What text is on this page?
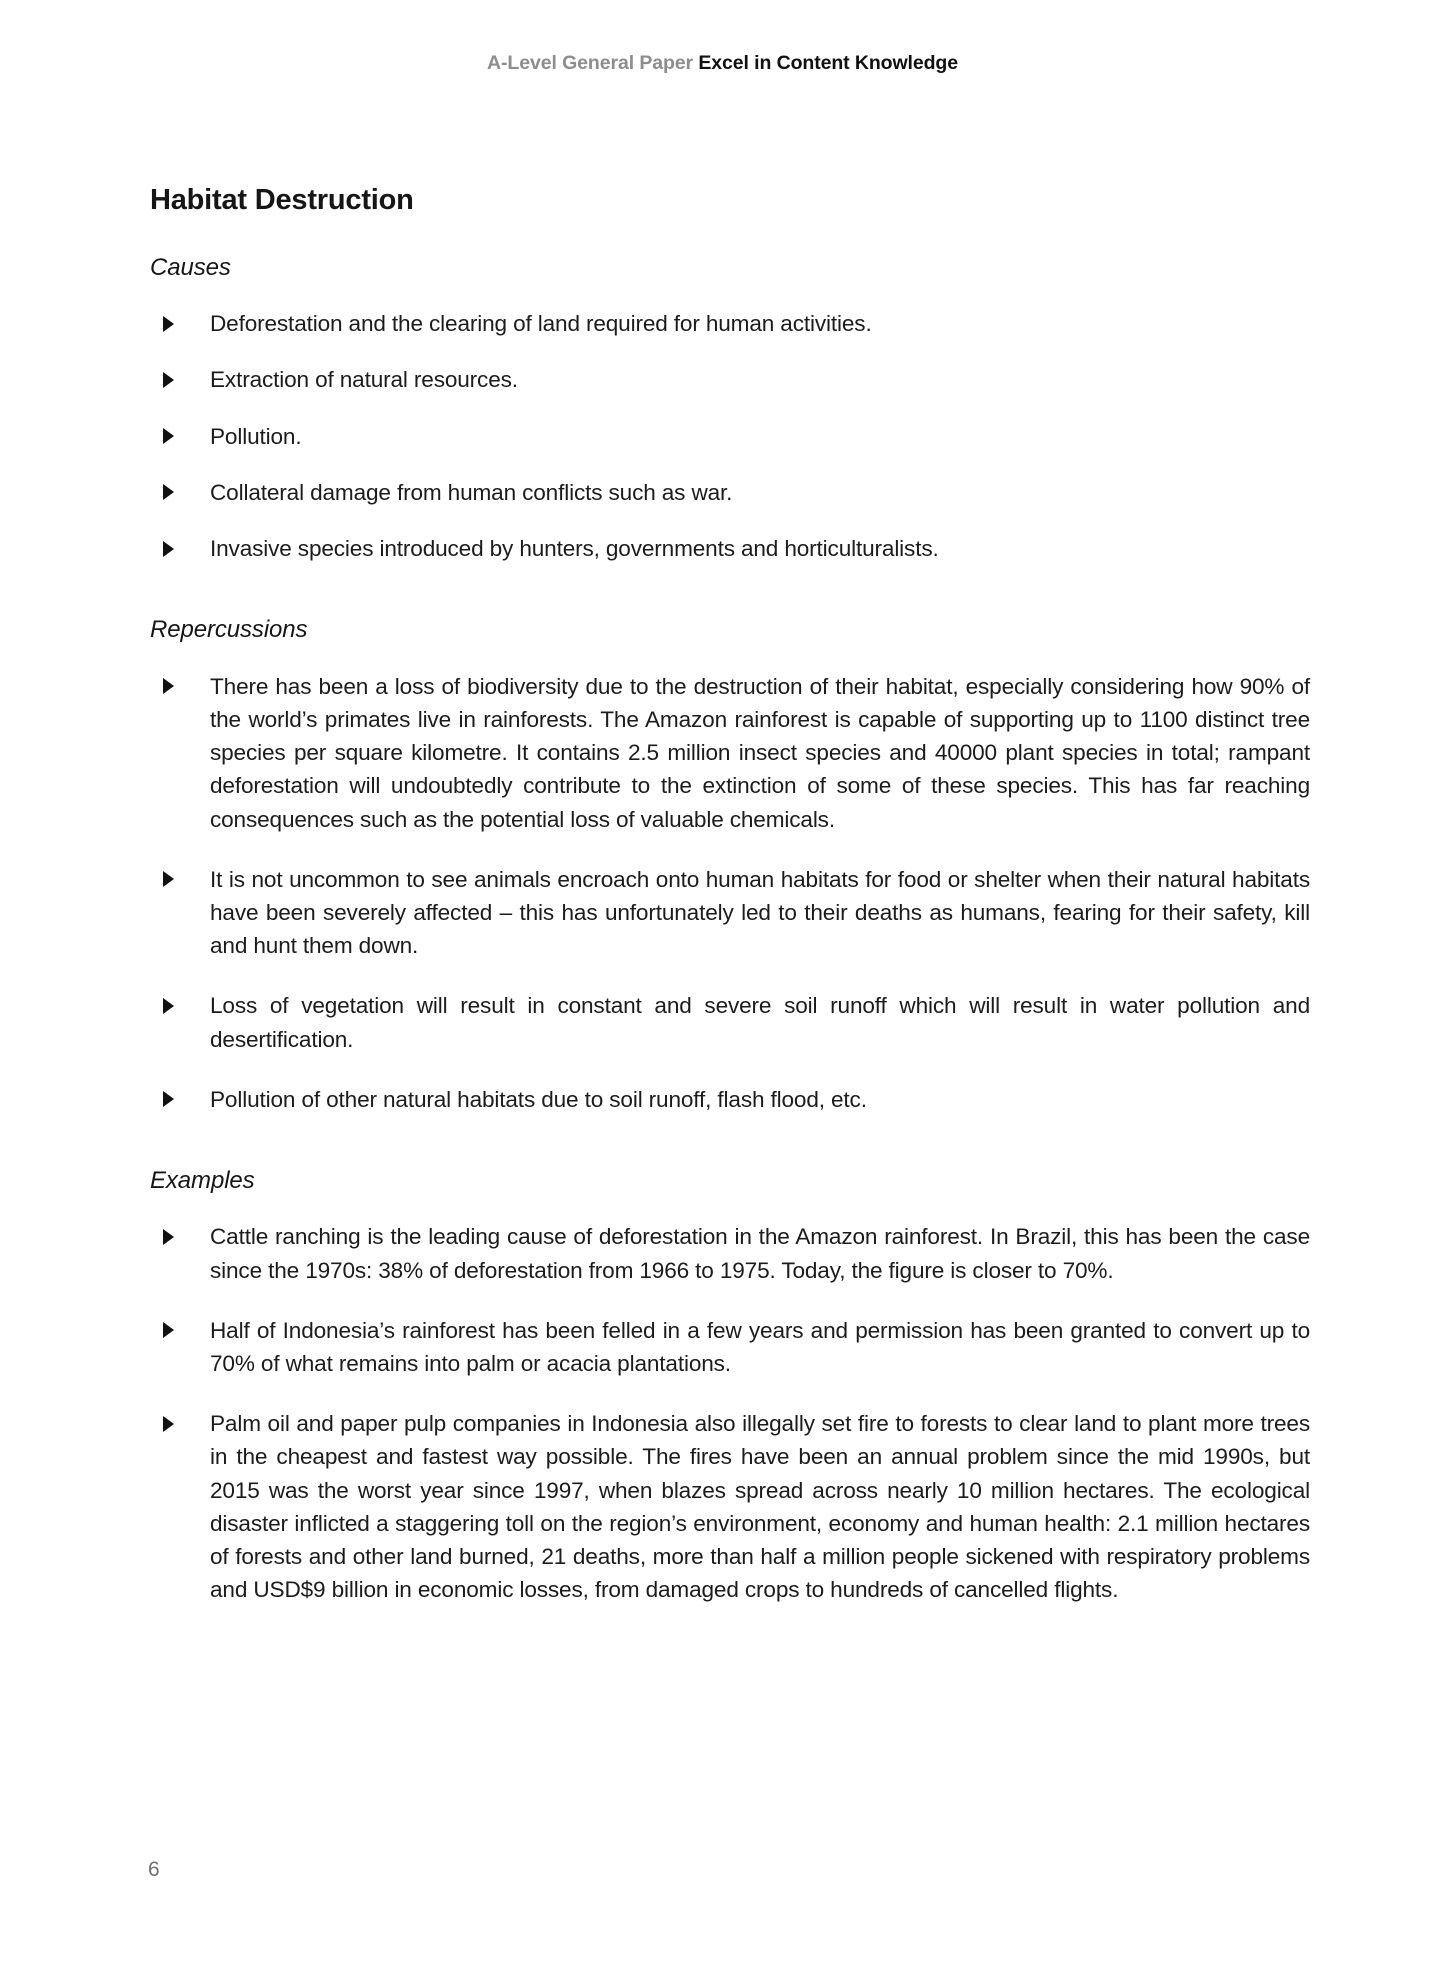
A-Level General Paper Excel in Content Knowledge
Habitat Destruction
Causes
Deforestation and the clearing of land required for human activities.
Extraction of natural resources.
Pollution.
Collateral damage from human conflicts such as war.
Invasive species introduced by hunters, governments and horticulturalists.
Repercussions
There has been a loss of biodiversity due to the destruction of their habitat, especially considering how 90% of the world’s primates live in rainforests. The Amazon rainforest is capable of supporting up to 1100 distinct tree species per square kilometre. It contains 2.5 million insect species and 40000 plant species in total; rampant deforestation will undoubtedly contribute to the extinction of some of these species. This has far reaching consequences such as the potential loss of valuable chemicals.
It is not uncommon to see animals encroach onto human habitats for food or shelter when their natural habitats have been severely affected – this has unfortunately led to their deaths as humans, fearing for their safety, kill and hunt them down.
Loss of vegetation will result in constant and severe soil runoff which will result in water pollution and desertification.
Pollution of other natural habitats due to soil runoff, flash flood, etc.
Examples
Cattle ranching is the leading cause of deforestation in the Amazon rainforest. In Brazil, this has been the case since the 1970s: 38% of deforestation from 1966 to 1975. Today, the figure is closer to 70%.
Half of Indonesia’s rainforest has been felled in a few years and permission has been granted to convert up to 70% of what remains into palm or acacia plantations.
Palm oil and paper pulp companies in Indonesia also illegally set fire to forests to clear land to plant more trees in the cheapest and fastest way possible. The fires have been an annual problem since the mid 1990s, but 2015 was the worst year since 1997, when blazes spread across nearly 10 million hectares. The ecological disaster inflicted a staggering toll on the region’s environment, economy and human health: 2.1 million hectares of forests and other land burned, 21 deaths, more than half a million people sickened with respiratory problems and USD$9 billion in economic losses, from damaged crops to hundreds of cancelled flights.
6
